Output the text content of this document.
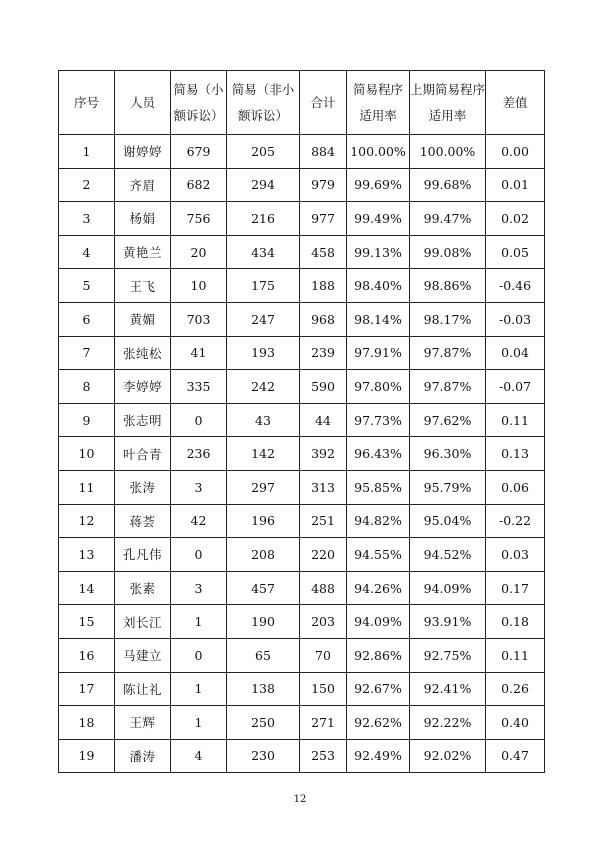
序号	人员	简易（小额诉讼）	简易（非小额诉讼）	合计	简易程序适用率	上期简易程序适用率	差值
1	谢婷婷	679	205	884	100.00%	100.00%	0.00
2	齐眉	682	294	979	99.69%	99.68%	0.01
3	杨娟	756	216	977	99.49%	99.47%	0.02
4	黄艳兰	20	434	458	99.13%	99.08%	0.05
5	王飞	10	175	188	98.40%	98.86%	-0.46
6	黄媚	703	247	968	98.14%	98.17%	-0.03
7	张纯松	41	193	239	97.91%	97.87%	0.04
8	李婷婷	335	242	590	97.80%	97.87%	-0.07
9	张志明	0	43	44	97.73%	97.62%	0.11
10	叶合青	236	142	392	96.43%	96.30%	0.13
11	张涛	3	297	313	95.85%	95.79%	0.06
12	蒋荟	42	196	251	94.82%	95.04%	-0.22
13	孔凡伟	0	208	220	94.55%	94.52%	0.03
14	张素	3	457	488	94.26%	94.09%	0.17
15	刘长江	1	190	203	94.09%	93.91%	0.18
16	马建立	0	65	70	92.86%	92.75%	0.11
17	陈让礼	1	138	150	92.67%	92.41%	0.26
18	王辉	1	250	271	92.62%	92.22%	0.40
19	潘涛	4	230	253	92.49%	92.02%	0.47
12
